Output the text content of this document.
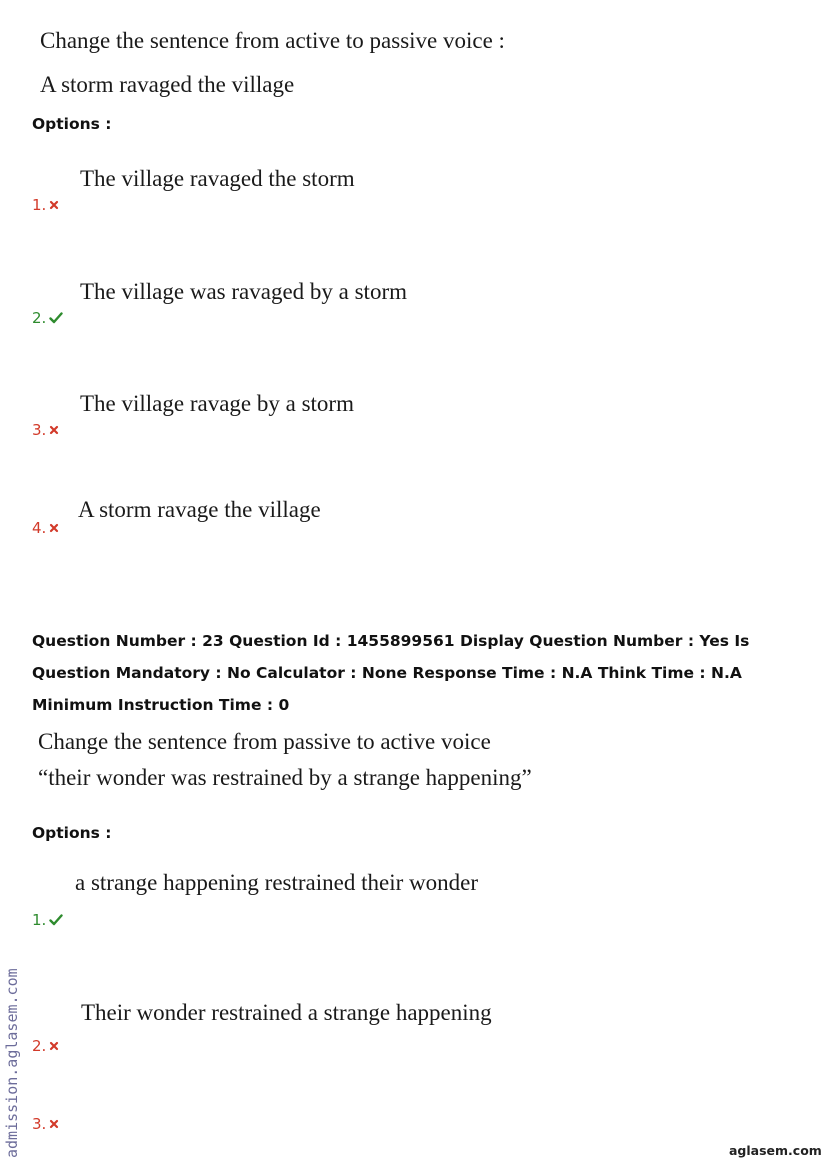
Change the sentence from active to passive voice :
A storm ravaged the village
Options :
The village ravaged the storm
1.
The village was ravaged by a storm
2.
The village ravage by a storm
3.
A storm ravage the village
4.
Question Number : 23 Question Id : 1455899561 Display Question Number : Yes Is Question Mandatory : No Calculator : None Response Time : N.A Think Time : N.A Minimum Instruction Time : 0
Change the sentence from passive to active voice
“their wonder was restrained by a strange happening”
Options :
a strange happening restrained their wonder
1.
Their wonder restrained a strange happening
2.
3.
admission.aglasem.com	aglasem.com
